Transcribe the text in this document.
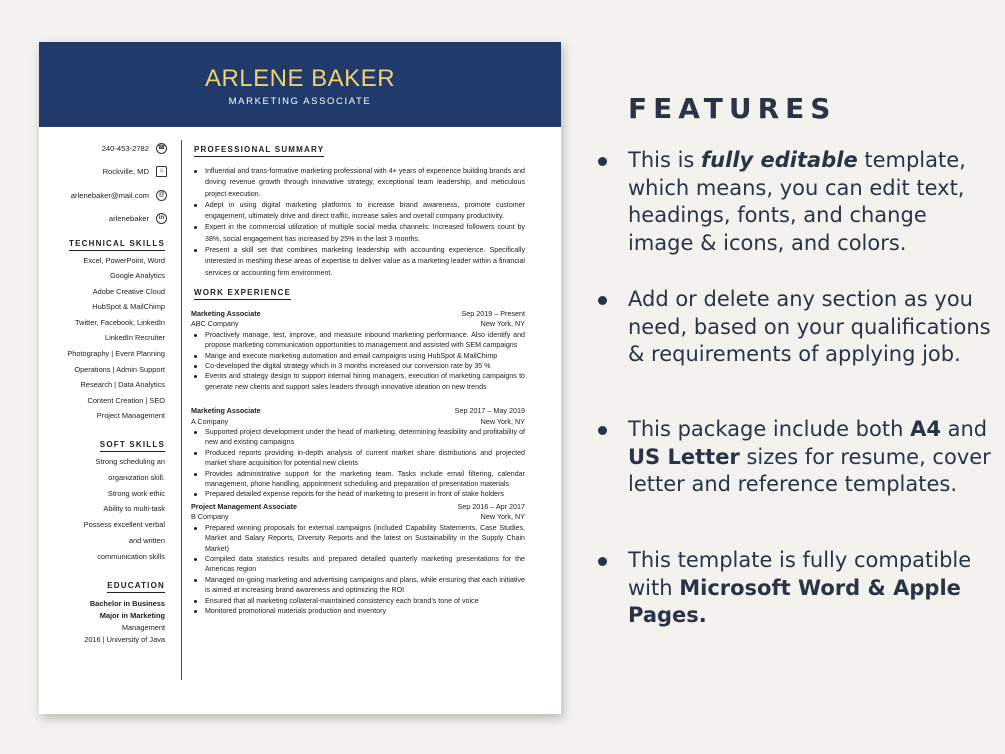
ARLENE BAKER
MARKETING ASSOCIATE
240-453-2782 ☎
Rockville, MD	⌂
arlenebaker@mail.com	@
arlenebaker	in
TECHNICAL SKILLS
Excel, PowerPoint, Word
Google Analytics
Adobe Creative Cloud
HubSpot & MailChimp
Twitter, Facebook, LinkedIn
LinkedIn Recruiter
Photography | Event Planning
Operations | Admin Support
Research | Data Analytics
Content Creation | SEO
Project Management
SOFT SKILLS
Strong scheduling an
organization skill.
Strong work ethic
Ability to multi-task
Possess excellent verbal
and written
communication skills
EDUCATION
Bachelor in Business
Major in Marketing
Management
2016 | University of Java
PROFESSIONAL SUMMARY
Influential and trans-formative marketing professional with 4+ years of experience building brands and driving revenue growth through innovative strategy, exceptional team leadership, and meticulous project execution.
Adept in using digital marketing platforms to increase brand awareness, promote customer engagement, ultimately drive and direct traffic, increase sales and overall company productivity.
Expert in the commercial utilization of multiple social media channels: Increased followers count by 38%, social engagement has increased by 25% in the last 3 months.
Present a skill set that combines marketing leadership with accounting experience. Specifically interested in meshing these areas of expertise to deliver value as a marketing leader within a financial services or accounting firm environment.
WORK EXPERIENCE
Marketing Associate	Sep 2019 – Present
ABC Company	New York, NY
Proactively manage, test, improve, and measure inbound marketing performance. Also identify and propose marketing communication opportunities to management and assisted with SEM campaigns
Mange and execute marketing automation and email campaigns using HubSpot & MailChimp
Co-developed the digital strategy which in 3 months increased our conversion rate by 35 %
Events and strategy design to support internal hiring managers, execution of marketing campaigns to generate new clients and support sales leaders through innovative ideation on new trends
Marketing Associate	Sep 2017 – May 2019
A Company	New York, NY
Supported project development under the head of marketing, determining feasibility and profitability of new and existing campaigns
Produced reports providing in-depth analysis of current market share distributions and projected market share acquisition for potential new clients
Provides administrative support for the marketing team. Tasks include email filtering, calendar management, phone handling, appointment scheduling and preparation of presentation materials
Prepared detailed expense reports for the head of marketing to present in front of stake holders
Project Management Associate	Sep 2016 – Apr 2017
B Company	New York, NY
Prepared winning proposals for external campaigns (included Capability Statements, Case Studies, Market and Salary Reports, Diversity Reports and the latest on Sustainability in the Supply Chain Market)
Compiled data statistics results and prepared detailed quarterly marketing presentations for the Americas region
Managed on-going marketing and advertising campaigns and plans, while ensuring that each initiative is aimed at increasing brand awareness and optimizing the ROI
Ensured that all marketing collateral-maintained consistency each brand’s tone of voice
Monitored promotional materials production and inventory
FEATURES
This is fully editable template, which means, you can edit text, headings, fonts, and change image & icons, and colors.
Add or delete any section as you need, based on your qualifications & requirements of applying job.
This package include both A4 and US Letter sizes for resume, cover letter and reference templates.
This template is fully compatible with Microsoft Word & Apple Pages.
